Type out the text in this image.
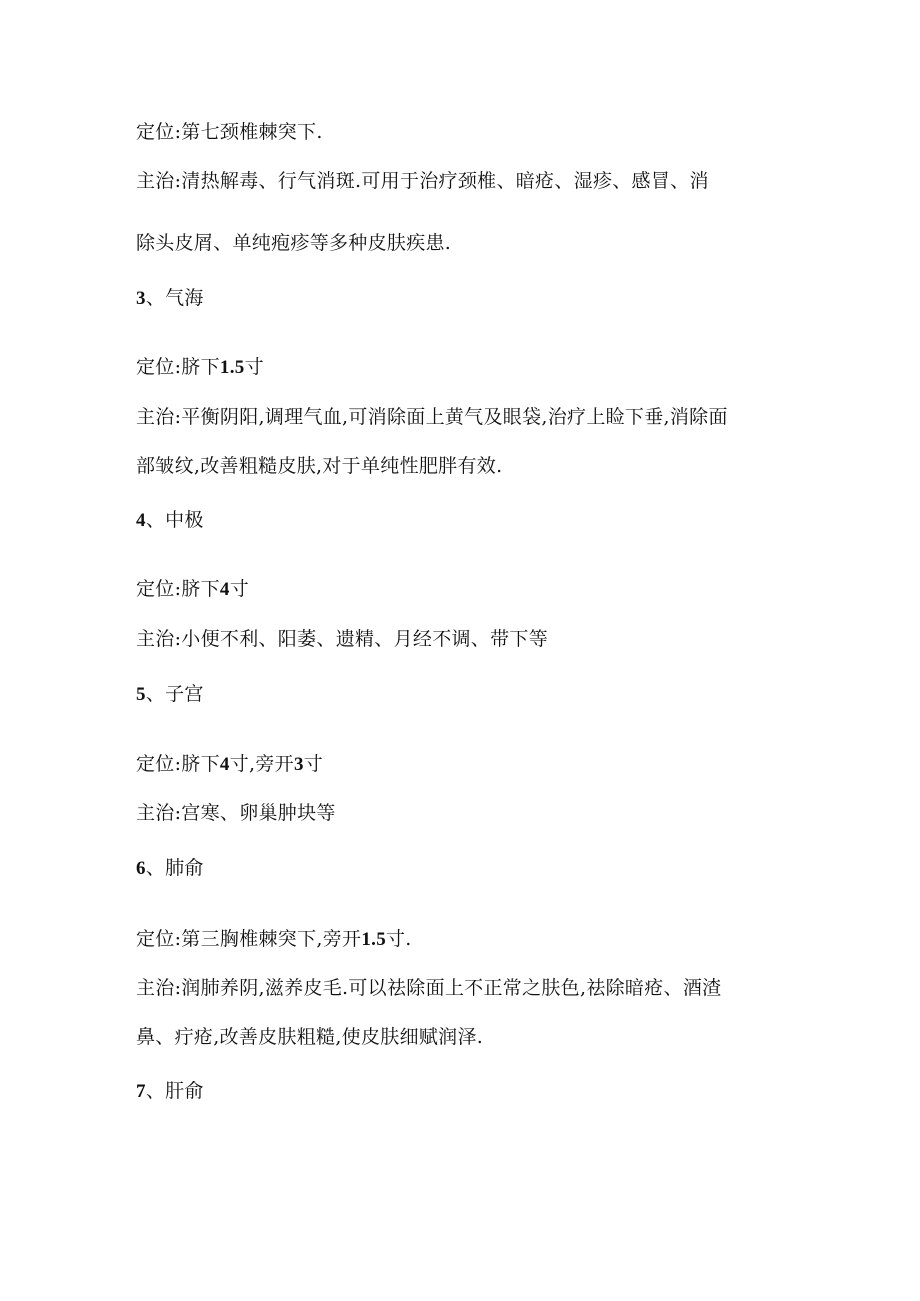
定位:第七颈椎棘突下.
主治:清热解毒、行气消斑.可用于治疗颈椎、暗疮、湿疹、感冒、消
除头皮屑、单纯疱疹等多种皮肤疾患.
3、气海
定位:脐下1.5寸
主治:平衡阴阳,调理气血,可消除面上黄气及眼袋,治疗上睑下垂,消除面
部皱纹,改善粗糙皮肤,对于单纯性肥胖有效.
4、中极
定位:脐下4寸
主治:小便不利、阳萎、遗精、月经不调、带下等
5、子宫
定位:脐下4寸,旁开3寸
主治:宫寒、卵巢肿块等
6、肺俞
定位:第三胸椎棘突下,旁开1.5寸.
主治:润肺养阴,滋养皮毛.可以祛除面上不正常之肤色,祛除暗疮、酒渣
鼻、疔疮,改善皮肤粗糙,使皮肤细赋润泽.
7、肝俞
